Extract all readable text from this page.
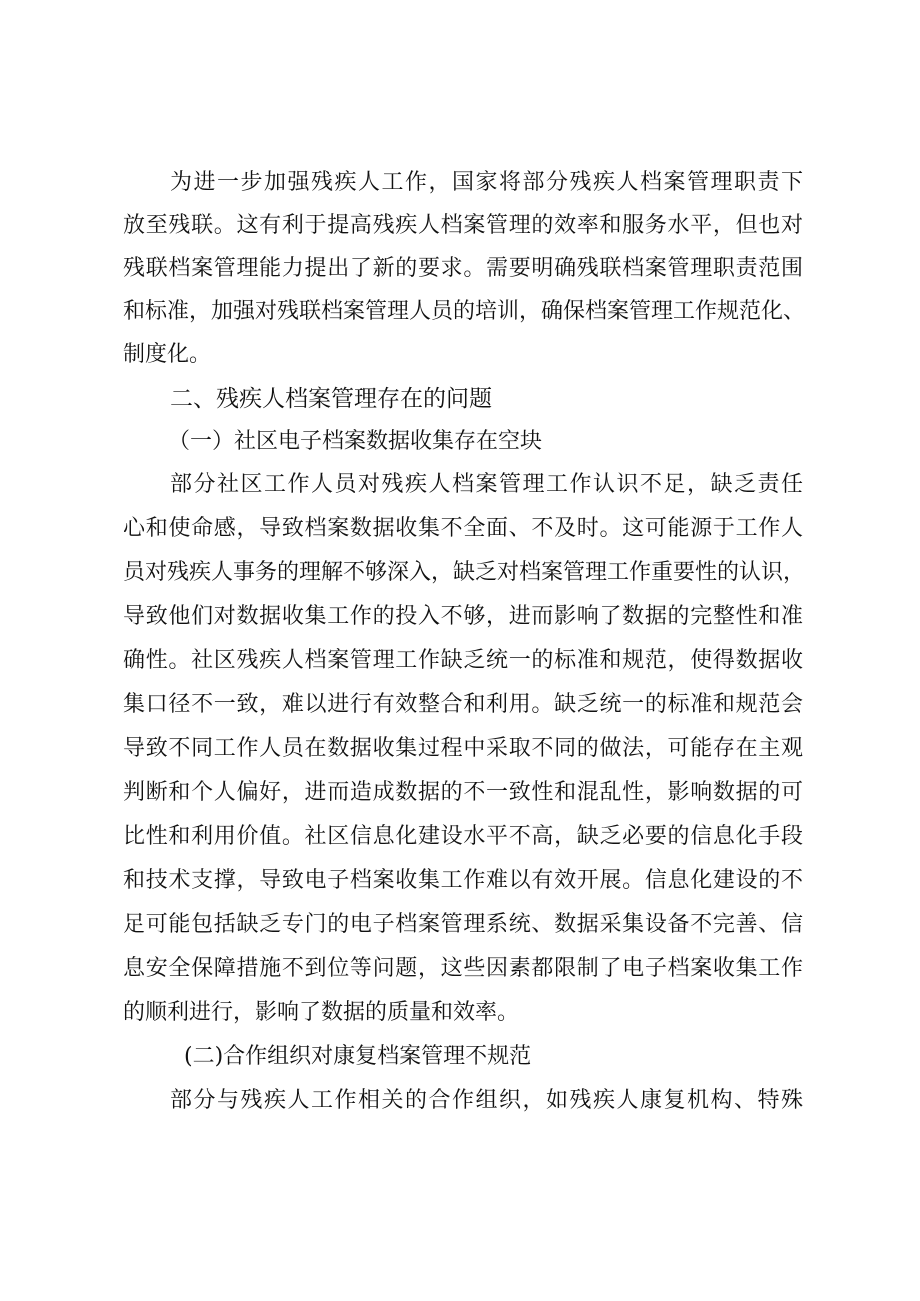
为进一步加强残疾人工作，国家将部分残疾人档案管理职责下
放至残联。这有利于提高残疾人档案管理的效率和服务水平，但也对
残联档案管理能力提出了新的要求。需要明确残联档案管理职责范围
和标准，加强对残联档案管理人员的培训，确保档案管理工作规范化、
制度化。
二、残疾人档案管理存在的问题
（一）社区电子档案数据收集存在空块
部分社区工作人员对残疾人档案管理工作认识不足，缺乏责任
心和使命感，导致档案数据收集不全面、不及时。这可能源于工作人
员对残疾人事务的理解不够深入，缺乏对档案管理工作重要性的认识，
导致他们对数据收集工作的投入不够，进而影响了数据的完整性和准
确性。社区残疾人档案管理工作缺乏统一的标准和规范，使得数据收
集口径不一致，难以进行有效整合和利用。缺乏统一的标准和规范会
导致不同工作人员在数据收集过程中采取不同的做法，可能存在主观
判断和个人偏好，进而造成数据的不一致性和混乱性，影响数据的可
比性和利用价值。社区信息化建设水平不高，缺乏必要的信息化手段
和技术支撑，导致电子档案收集工作难以有效开展。信息化建设的不
足可能包括缺乏专门的电子档案管理系统、数据采集设备不完善、信
息安全保障措施不到位等问题，这些因素都限制了电子档案收集工作
的顺利进行，影响了数据的质量和效率。
(二)合作组织对康复档案管理不规范
部分与残疾人工作相关的合作组织，如残疾人康复机构、特殊
